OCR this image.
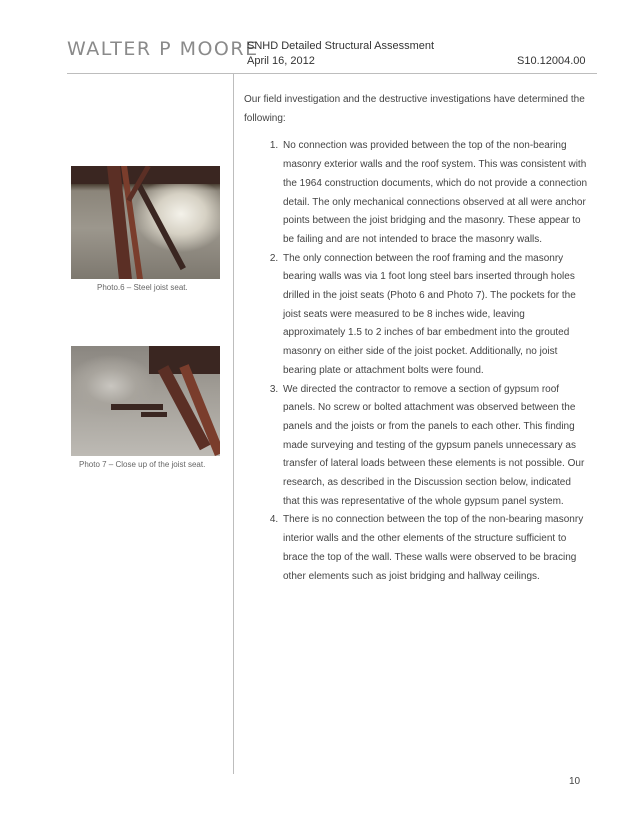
WALTER P MOORE
SNHD Detailed Structural Assessment
April 16, 2012	S10.12004.00
Photo.6 – Steel joist seat.
Photo 7 – Close up of the joist seat.

Our field investigation and the destructive investigations have determined the following:

1. No connection was provided between the top of the non-bearing masonry exterior walls and the roof system. This was consistent with the 1964 construction documents, which do not provide a connection detail. The only mechanical connections observed at all were anchor points between the joist bridging and the masonry. These appear to be failing and are not intended to brace the masonry walls.
2. The only connection between the roof framing and the masonry bearing walls was via 1 foot long steel bars inserted through holes drilled in the joist seats (Photo 6 and Photo 7). The pockets for the joist seats were measured to be 8 inches wide, leaving approximately 1.5 to 2 inches of bar embedment into the grouted masonry on either side of the joist pocket. Additionally, no joist bearing plate or attachment bolts were found.
3. We directed the contractor to remove a section of gypsum roof panels. No screw or bolted attachment was observed between the panels and the joists or from the panels to each other. This finding made surveying and testing of the gypsum panels unnecessary as transfer of lateral loads between these elements is not possible. Our research, as described in the Discussion section below, indicated that this was representative of the whole gypsum panel system.
4. There is no connection between the top of the non-bearing masonry interior walls and the other elements of the structure sufficient to brace the top of the wall. These walls were observed to be bracing other elements such as joist bridging and hallway ceilings.
10
